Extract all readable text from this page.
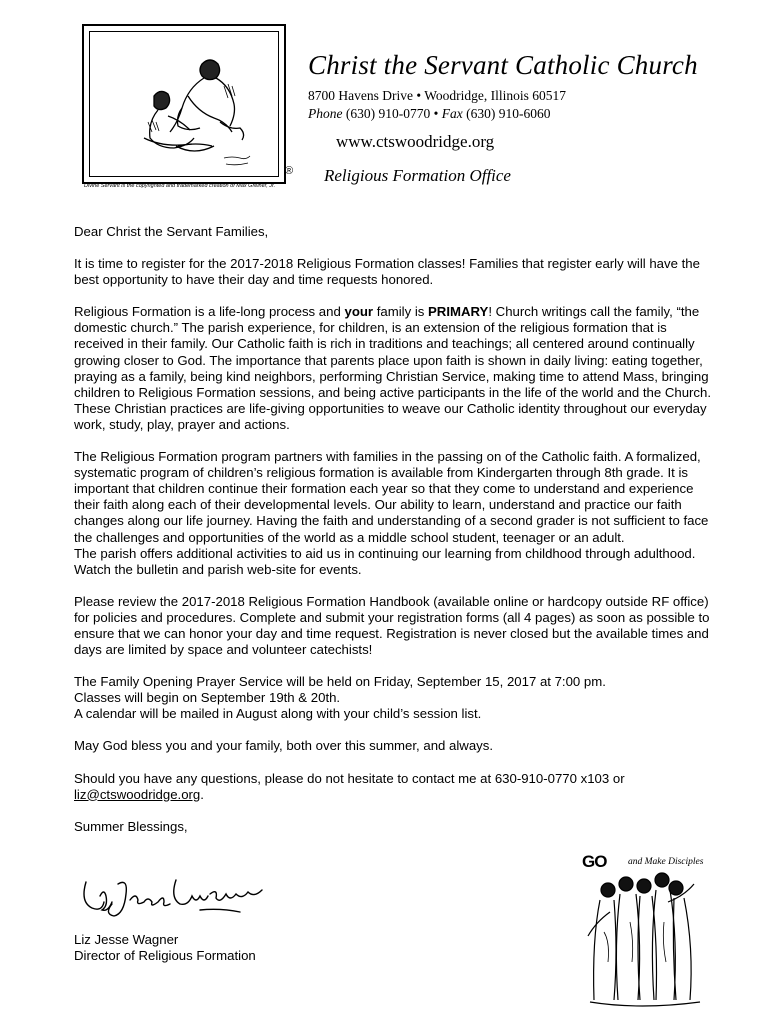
®
Divine Servant is the copyrighted and trademarked creation of Max Greiner, Jr.
Christ the Servant Catholic Church
8700 Havens Drive • Woodridge, Illinois 60517
Phone (630) 910-0770 • Fax (630) 910-6060
www.ctswoodridge.org
Religious Formation Office

Dear Christ the Servant Families,

It is time to register for the 2017-2018 Religious Formation classes! Families that register early will have the best opportunity to have their day and time requests honored.

Religious Formation is a life-long process and your family is PRIMARY! Church writings call the family, “the domestic church.” The parish experience, for children, is an extension of the religious formation that is received in their family. Our Catholic faith is rich in traditions and teachings; all centered around continually growing closer to God. The importance that parents place upon faith is shown in daily living: eating together, praying as a family, being kind neighbors, performing Christian Service, making time to attend Mass, bringing children to Religious Formation sessions, and being active participants in the life of the world and the Church. These Christian practices are life-giving opportunities to weave our Catholic identity throughout our everyday work, study, play, prayer and actions.

The Religious Formation program partners with families in the passing on of the Catholic faith. A formalized, systematic program of children’s religious formation is available from Kindergarten through 8th grade. It is important that children continue their formation each year so that they come to understand and experience their faith along each of their developmental levels. Our ability to learn, understand and practice our faith changes along our life journey. Having the faith and understanding of a second grader is not sufficient to face the challenges and opportunities of the world as a middle school student, teenager or an adult.

The parish offers additional activities to aid us in continuing our learning from childhood through adulthood. Watch the bulletin and parish web-site for events.

Please review the 2017-2018 Religious Formation Handbook (available online or hardcopy outside RF office) for policies and procedures. Complete and submit your registration forms (all 4 pages) as soon as possible to ensure that we can honor your day and time request. Registration is never closed but the available times and days are limited by space and volunteer catechists!

The Family Opening Prayer Service will be held on Friday, September 15, 2017 at 7:00 pm.

Classes will begin on September 19th & 20th.

A calendar will be mailed in August along with your child’s session list.

May God bless you and your family, both over this summer, and always.

Should you have any questions, please do not hesitate to contact me at 630-910-0770 x103 or
liz@ctswoodridge.org.

Summer Blessings,

Liz Jesse Wagner
Director of Religious Formation
GO and Make Disciples
